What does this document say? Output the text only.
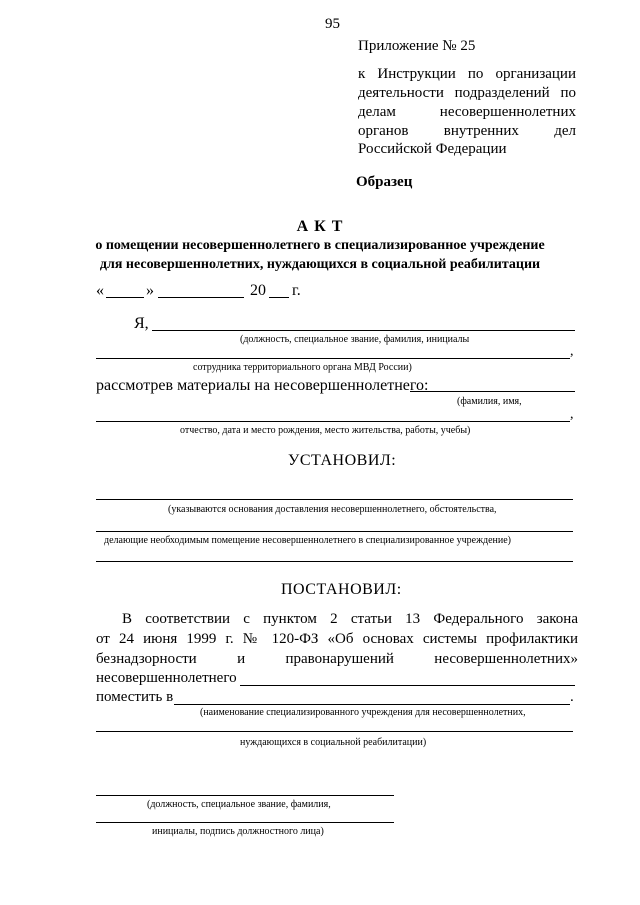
95
Приложение № 25
к Инструкции по организации
деятельности подразделений по
делам несовершеннолетних
органов внутренних дел
Российской Федерации
Образец
А К Т
о помещении несовершеннолетнего в специализированное учреждение
для несовершеннолетних, нуждающихся в социальной реабилитации
«	»	20 г.
Я,
(должность, специальное звание, фамилия, инициалы
,
сотрудника территориального органа МВД России)
рассмотрев материалы на несовершеннолетнего:
(фамилия, имя,
,
отчество, дата и место рождения, место жительства, работы, учебы)
УСТАНОВИЛ:
(указываются основания доставления несовершеннолетнего, обстоятельства,
делающие необходимым помещение несовершеннолетнего в специализированное учреждение)
ПОСТАНОВИЛ:
В соответствии с пунктом 2 статьи 13 Федерального закона
от 24 июня 1999 г. № 120-ФЗ «Об основах системы профилактики
безнадзорности и правонарушений несовершеннолетних»
несовершеннолетнего
поместить в	.
(наименование специализированного учреждения для несовершеннолетних,
нуждающихся в социальной реабилитации)
(должность, специальное звание, фамилия,
инициалы, подпись должностного лица)
